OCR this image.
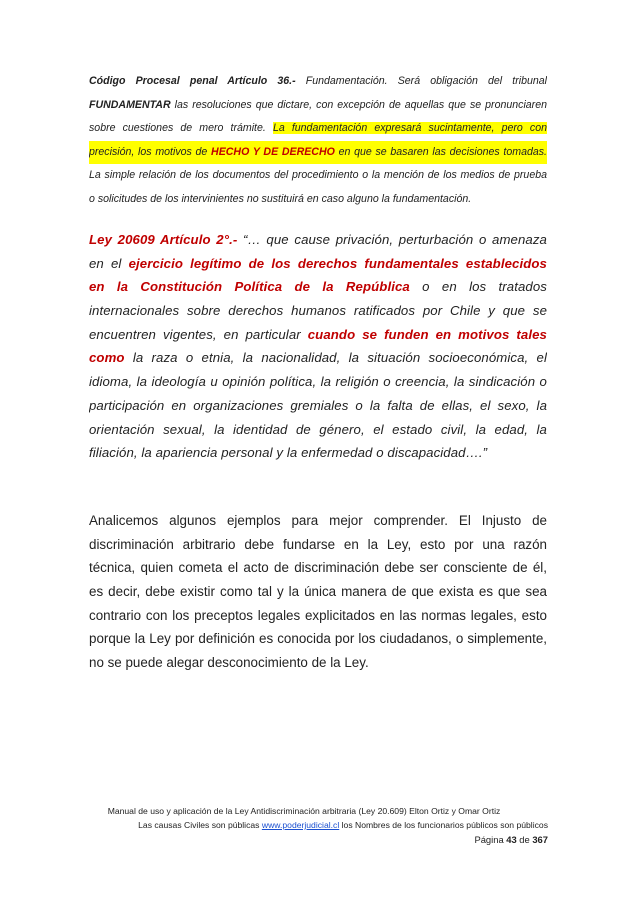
Código Procesal penal Artículo 36.- Fundamentación. Será obligación del tribunal
FUNDAMENTAR las resoluciones que dictare, con excepción de aquellas que se pronunciaren
sobre cuestiones de mero trámite. La fundamentación expresará sucintamente, pero con
precisión, los motivos de HECHO Y DE DERECHO en que se basaren las decisiones tomadas.
La simple relación de los documentos del procedimiento o la mención de los medios de prueba
o solicitudes de los intervinientes no sustituirá en caso alguno la fundamentación.
Ley 20609 Artículo 2°.- “… que cause privación, perturbación o amenaza
en el ejercicio legítimo de los derechos fundamentales establecidos
en la Constitución Política de la República o en los tratados
internacionales sobre derechos humanos ratificados por Chile y que se
encuentren vigentes, en particular cuando se funden en motivos tales
como la raza o etnia, la nacionalidad, la situación socioeconómica, el
idioma, la ideología u opinión política, la religión o creencia, la sindicación o
participación en organizaciones gremiales o la falta de ellas, el sexo, la
orientación sexual, la identidad de género, el estado civil, la edad, la
filiación, la apariencia personal y la enfermedad o discapacidad….”
Analicemos algunos ejemplos para mejor comprender. El Injusto de
discriminación arbitrario debe fundarse en la Ley, esto por una razón
técnica, quien cometa el acto de discriminación debe ser consciente de él,
es decir, debe existir como tal y la única manera de que exista es que sea
contrario con los preceptos legales explicitados en las normas legales, esto
porque la Ley por definición es conocida por los ciudadanos, o simplemente,
no se puede alegar desconocimiento de la Ley.
Manual de uso y aplicación de la Ley Antidiscriminación arbitraria (Ley 20.609) Elton Ortiz y Omar Ortiz
Las causas Civiles son públicas www.poderjudicial.cl los Nombres de los funcionarios públicos son públicos
Página 43 de 367
